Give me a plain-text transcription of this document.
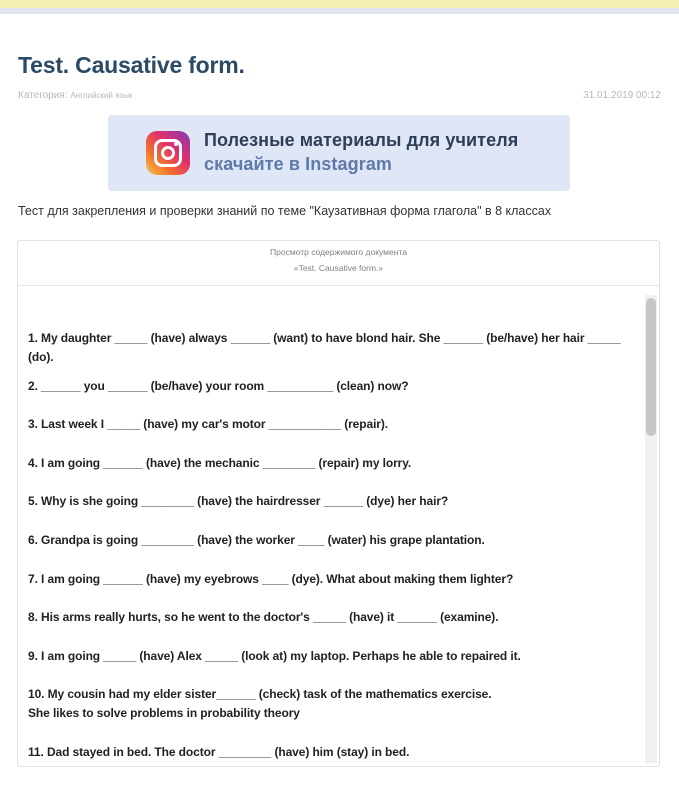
Test. Causative form.
Категория: Английский язык	31.01.2019 00:12
Полезные материалы для учителя
скачайте в Instagram

Тест для закрепления и проверки знаний по теме "Каузативная форма глагола" в 8 классах

Просмотр содержимого документа
«Test. Causative form.»
1. My daughter _____ (have) always ______ (want) to have blond hair. She ______ (be/have) her hair _____
(do).
2. ______ you ______ (be/have) your room __________ (clean) now?
3. Last week I _____ (have) my car's motor ___________ (repair).
4. I am going ______ (have) the mechanic ________ (repair) my lorry.
5. Why is she going ________ (have) the hairdresser ______ (dye) her hair?
6. Grandpa is going ________ (have) the worker ____ (water) his grape plantation.
7. I am going ______ (have) my eyebrows ____ (dye). What about making them lighter?
8. His arms really hurts, so he went to the doctor's _____ (have) it ______ (examine).
9. I am going _____ (have) Alex _____ (look at) my laptop. Perhaps he able to repaired it.
10. My cousin had my elder sister______ (check) task of the mathematics exercise.
She likes to solve problems in probability theory
11. Dad stayed in bed. The doctor ________ (have) him (stay) in bed.
